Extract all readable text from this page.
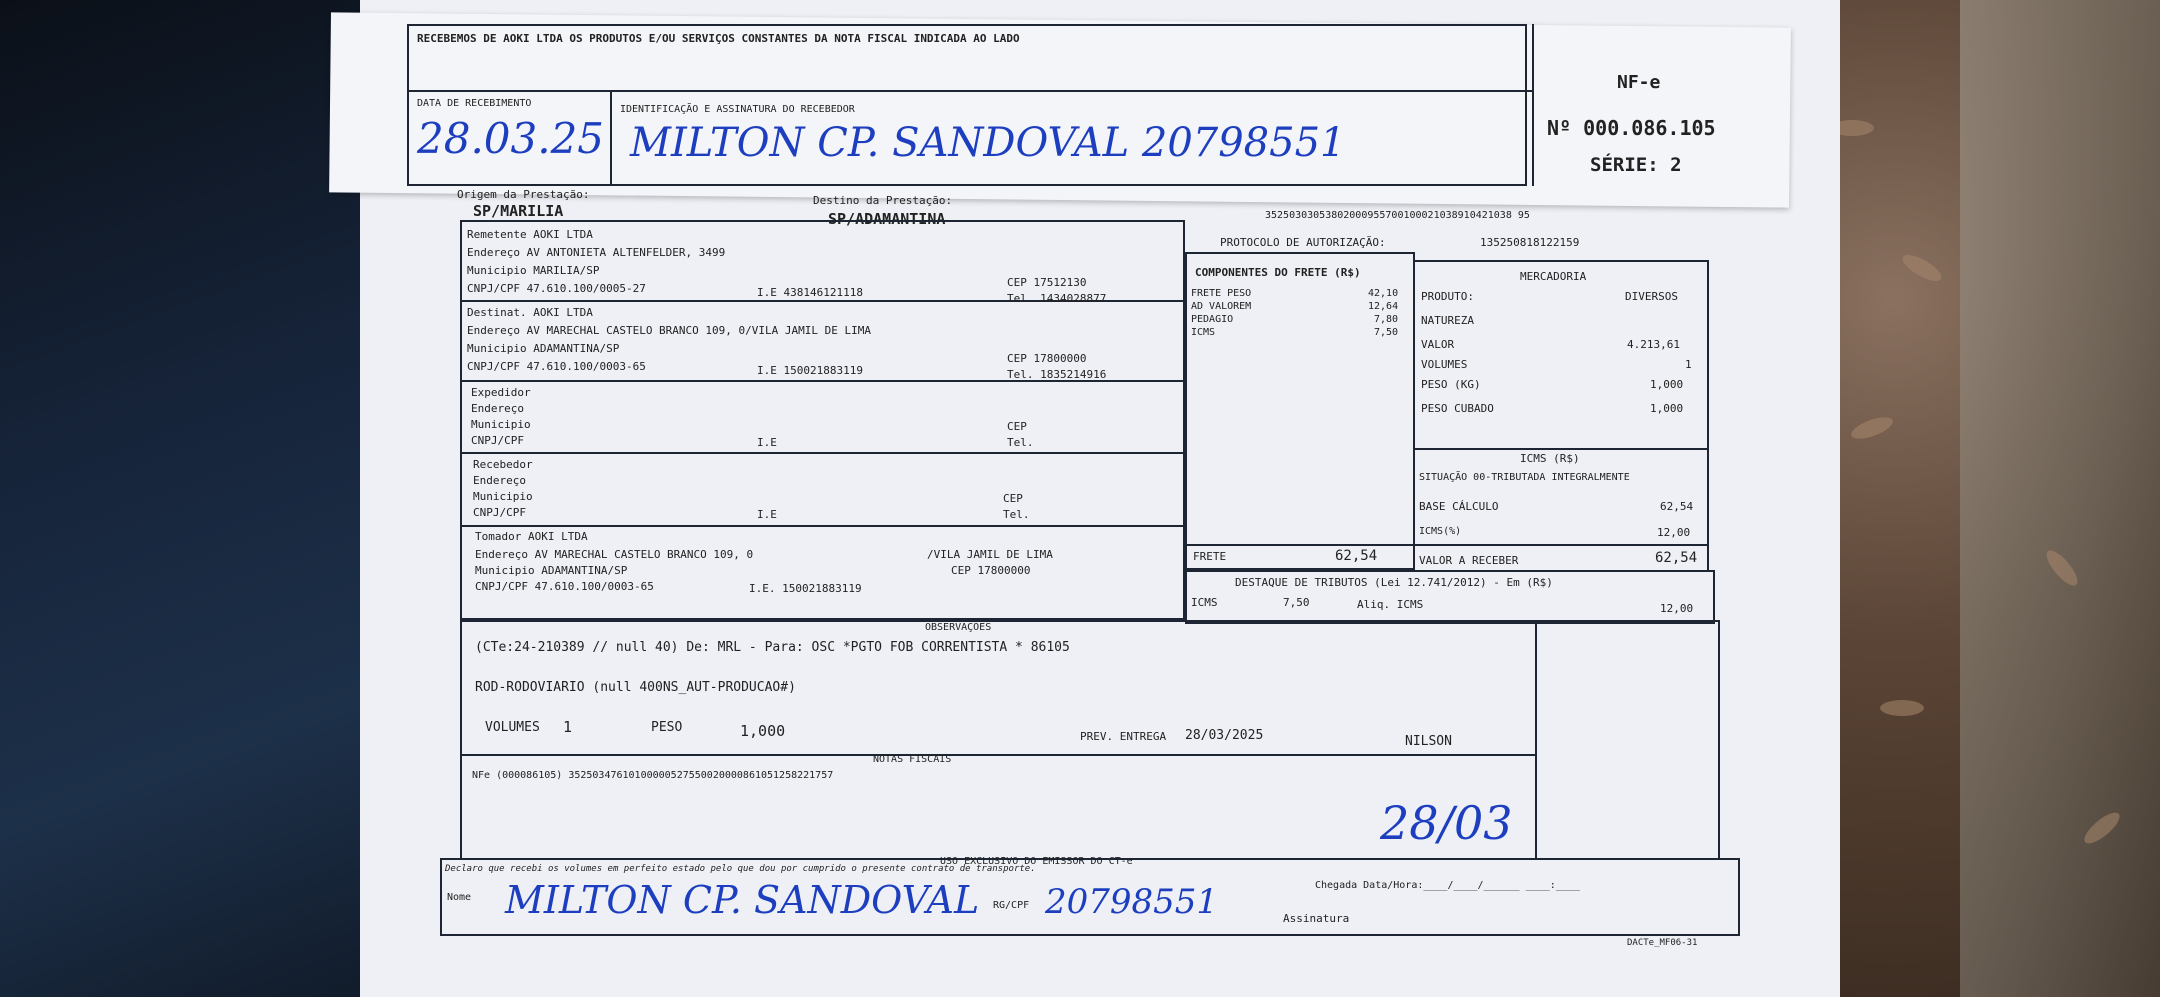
RECEBEMOS DE AOKI LTDA OS PRODUTOS E/OU SERVIÇOS CONSTANTES DA NOTA FISCAL INDICADA AO LADO
DATA DE RECEBIMENTO
IDENTIFICAÇÃO E ASSINATURA DO RECEBEDOR
28.03.25 MILTON CP. SANDOVAL 20798551
NF-e
Nº 000.086.105
SÉRIE: 2
Origem da Prestação:
SP/MARILIA
Destino da Prestação:
SP/ADAMANTINA	35250303053802000955700100021038910421038 95
PROTOCOLO DE AUTORIZAÇÃO:	135250818122159
Remetente AOKI LTDA
Endereço AV ANTONIETA ALTENFELDER, 3499
Municipio MARILIA/SP
CNPJ/CPF 47.610.100/0005-27	I.E 438146121118
CEP 17512130
Tel. 1434028877
Destinat. AOKI LTDA
Endereço AV MARECHAL CASTELO BRANCO 109, 0/VILA JAMIL DE LIMA
Municipio ADAMANTINA/SP
CNPJ/CPF 47.610.100/0003-65	I.E 150021883119
CEP 17800000
Tel. 1835214916
Expedidor
Endereço
Municipio
CNPJ/CPF	I.E
CEP
Tel.
Recebedor
Endereço
Municipio
CNPJ/CPF	I.E
CEP
Tel.
Tomador AOKI LTDA
Endereço AV MARECHAL CASTELO BRANCO 109, 0	/VILA JAMIL DE LIMA
Municipio ADAMANTINA/SP	CEP 17800000
CNPJ/CPF 47.610.100/0003-65	I.E. 150021883119
COMPONENTES DO FRETE (R$)
FRETE PESO	42,10
AD VALOREM	12,64
PEDAGIO	7,80
ICMS	7,50
FRETE	62,54
MERCADORIA
PRODUTO:	DIVERSOS
NATUREZA
VALOR	4.213,61
VOLUMES	1
PESO (KG)	1,000
PESO CUBADO	1,000
ICMS (R$)
SITUAÇÃO 00-TRIBUTADA INTEGRALMENTE
BASE CÁLCULO	62,54
ICMS(%)	12,00
VALOR A RECEBER	62,54
DESTAQUE DE TRIBUTOS (Lei 12.741/2012) - Em (R$)
ICMS	7,50	Aliq. ICMS	12,00
OBSERVAÇÕES
(CTe:24-210389 // null 40) De: MRL - Para: OSC *PGTO FOB CORRENTISTA * 86105
ROD-RODOVIARIO (null 400NS_AUT-PRODUCAO#)
VOLUMES 1	PESO	1,000	PREV. ENTREGA 28/03/2025	NILSON
NOTAS FISCAIS
NFe (000086105) 35250347610100000527550020000861051258221757
28/03
USO EXCLUSIVO DO EMISSOR DO CT-e
Declaro que recebi os volumes em perfeito estado pelo que dou por cumprido o presente contrato de transporte.
Nome MILTON CP. SANDOVAL RG/CPF 20798551	Chegada Data/Hora:____/____/______ ____:____
Assinatura
DACTe_MF06-31
